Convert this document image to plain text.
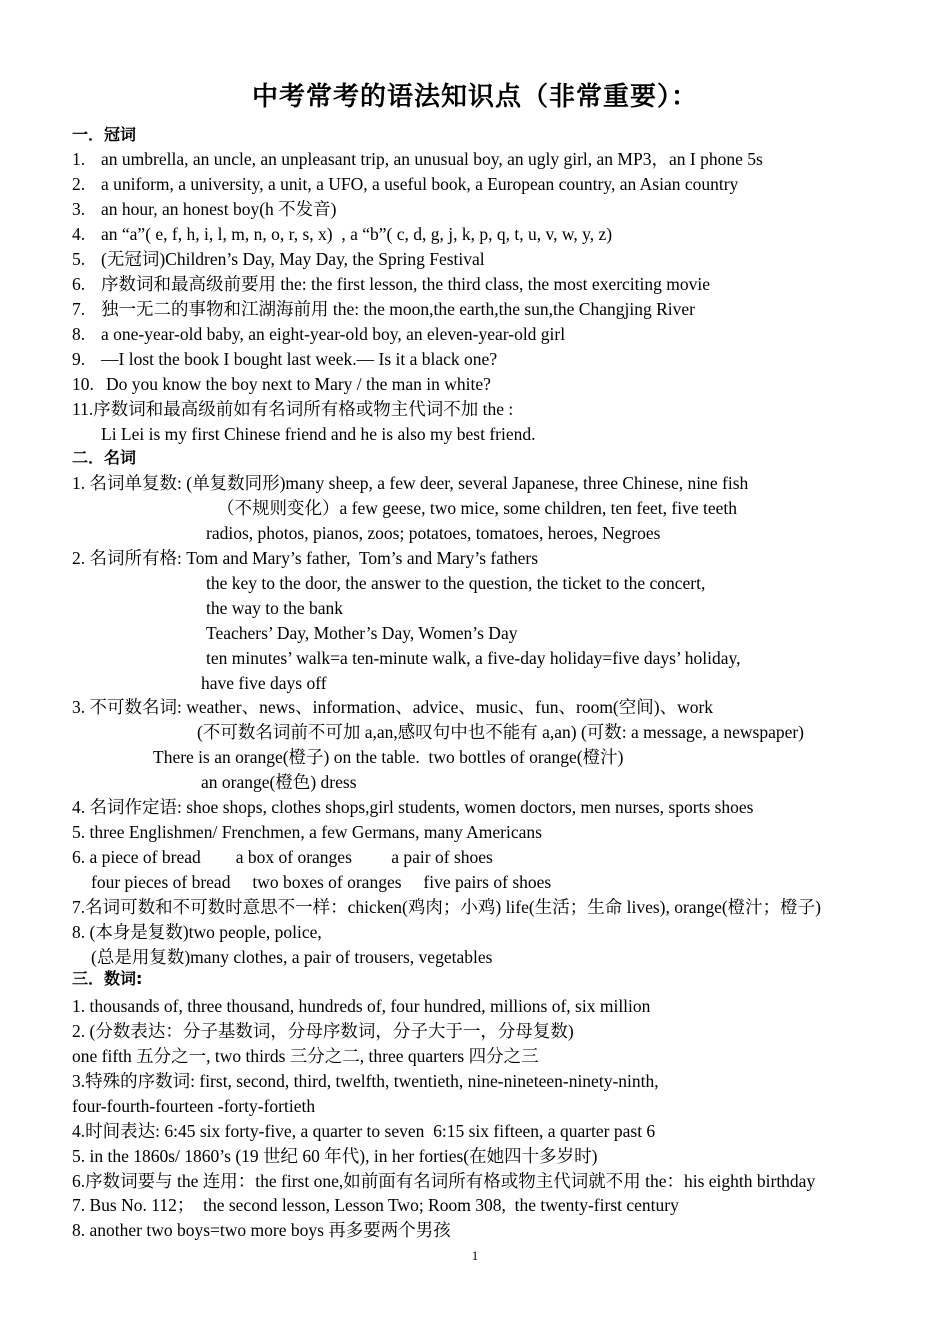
中考常考的语法知识点（非常重要）：
一．冠词
1. an umbrella, an uncle, an unpleasant trip, an unusual boy, an ugly girl, an MP3，an I phone 5s
2. a uniform, a university, a unit, a UFO, a useful book, a European country, an Asian country
3. an hour, an honest boy(h 不发音)
4. an “a”( e, f, h, i, l, m, n, o, r, s, x)  , a “b”( c, d, g, j, k, p, q, t, u, v, w, y, z)
5. (无冠词)Children’s Day, May Day, the Spring Festival
6. 序数词和最高级前要用 the: the first lesson, the third class, the most exerciting movie
7. 独一无二的事物和江湖海前用 the: the moon,the earth,the sun,the Changjing River
8. a one-year-old baby, an eight-year-old boy, an eleven-year-old girl
9. —I lost the book I bought last week.— Is it a black one?
10. Do you know the boy next to Mary / the man in white?
11.序数词和最高级前如有名词所有格或物主代词不加 the :
Li Lei is my first Chinese friend and he is also my best friend.
1. 名词单复数: (单复数同形)many sheep, a few deer, several Japanese, three Chinese, nine fish
（不规则变化）a few geese, two mice, some children, ten feet, five teeth
radios, photos, pianos, zoos; potatoes, tomatoes, heroes, Negroes
2. 名词所有格: Tom and Mary’s father,  Tom’s and Mary’s fathers
the key to the door, the answer to the question, the ticket to the concert,
the way to the bank
Teachers’ Day, Mother’s Day, Women’s Day
ten minutes’ walk=a ten-minute walk, a five-day holiday=five days’ holiday,
have five days off
3. 不可数名词: weather、news、information、advice、music、fun、room(空间)、work
(不可数名词前不可加 a,an,感叹句中也不能有 a,an) (可数: a message, a newspaper)
There is an orange(橙子) on the table.  two bottles of orange(橙汁)
an orange(橙色) dress
4. 名词作定语: shoe shops, clothes shops,girl students, women doctors, men nurses, sports shoes
5. three Englishmen/ Frenchmen, a few Germans, many Americans
6. a piece of bread        a box of oranges         a pair of shoes
four pieces of bread     two boxes of oranges     five pairs of shoes
7.名词可数和不可数时意思不一样：chicken(鸡肉；小鸡) life(生活；生命 lives), orange(橙汁；橙子)
8. (本身是复数)two people, police,
(总是用复数)many clothes, a pair of trousers, vegetables
1. thousands of, three thousand, hundreds of, four hundred, millions of, six million
2. (分数表达：分子基数词，分母序数词，分子大于一，分母复数)
one fifth 五分之一, two thirds 三分之二, three quarters 四分之三
3.特殊的序数词: first, second, third, twelfth, twentieth, nine-nineteen-ninety-ninth,
four-fourth-fourteen -forty-fortieth
4.时间表达: 6:45 six forty-five, a quarter to seven  6:15 six fifteen, a quarter past 6
5. in the 1860s/ 1860’s (19 世纪 60 年代), in her forties(在她四十多岁时)
6.序数词要与 the 连用：the first one,如前面有名词所有格或物主代词就不用 the：his eighth birthday
7. Bus No. 112；  the second lesson, Lesson Two; Room 308,  the twenty-first century
8. another two boys=two more boys 再多要两个男孩
二．名词
三．数词:
1
